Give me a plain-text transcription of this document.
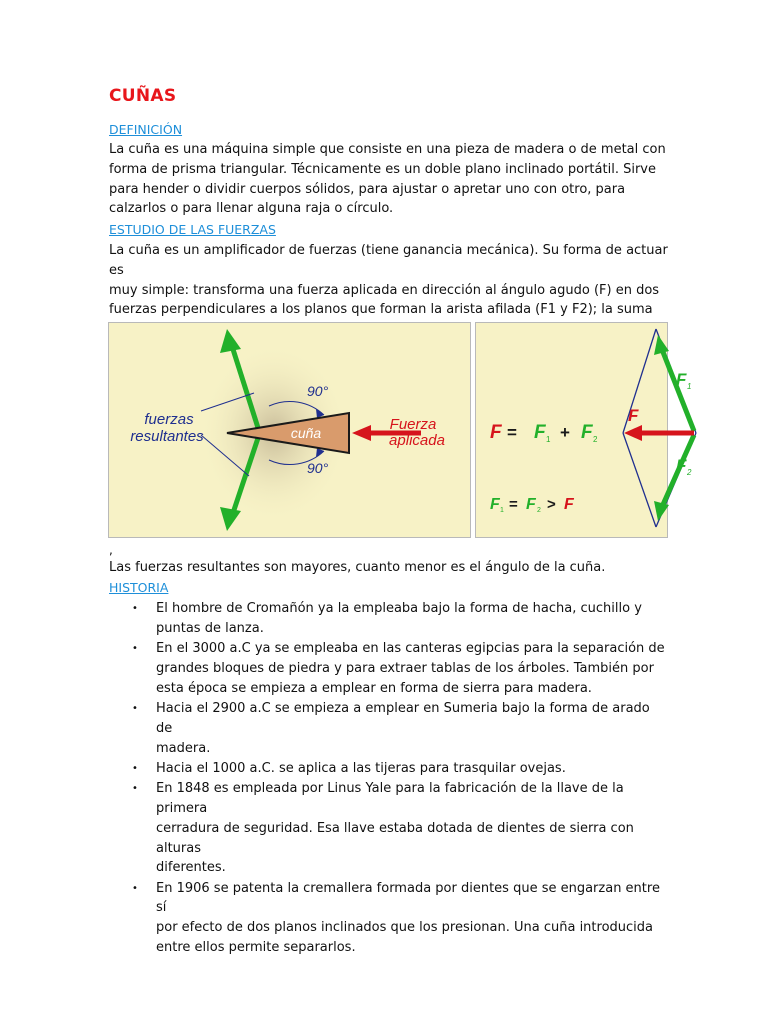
CUÑAS
DEFINICIÓN

La cuña es una máquina simple que consiste en una pieza de madera o de metal con
forma de prisma triangular. Técnicamente es un doble plano inclinado portátil. Sirve
para hender o dividir cuerpos sólidos, para ajustar o apretar uno con otro, para
calzarlos o para llenar alguna raja o círculo.

ESTUDIO DE LAS FUERZAS

La cuña es un amplificador de fuerzas (tiene ganancia mecánica). Su forma de actuar es
muy simple: transforma una fuerza aplicada en dirección al ángulo agudo (F) en dos
fuerzas perpendiculares a los planos que forman la arista afilada (F1 y F2); la suma

fuerzas
resultantes
90°
90°
cuña	Fuerza
aplicada
F 1
F
F 2
F = F 1 + F 2
F 1 = F 2 > F
,

Las fuerzas resultantes son mayores, cuanto menor es el ángulo de la cuña.

HISTORIA
• El hombre de Cromañón ya la empleaba bajo la forma de hacha, cuchillo y
puntas de lanza.
• En el 3000 a.C ya se empleaba en las canteras egipcias para la separación de
grandes bloques de piedra y para extraer tablas de los árboles. También por
esta época se empieza a emplear en forma de sierra para madera.
• Hacia el 2900 a.C se empieza a emplear en Sumeria bajo la forma de arado de
madera.
• Hacia el 1000 a.C. se aplica a las tijeras para trasquilar ovejas.
• En 1848 es empleada por Linus Yale para la fabricación de la llave de la primera
cerradura de seguridad. Esa llave estaba dotada de dientes de sierra con alturas
diferentes.
• En 1906 se patenta la cremallera formada por dientes que se engarzan entre sí
por efecto de dos planos inclinados que los presionan. Una cuña introducida
entre ellos permite separarlos.
